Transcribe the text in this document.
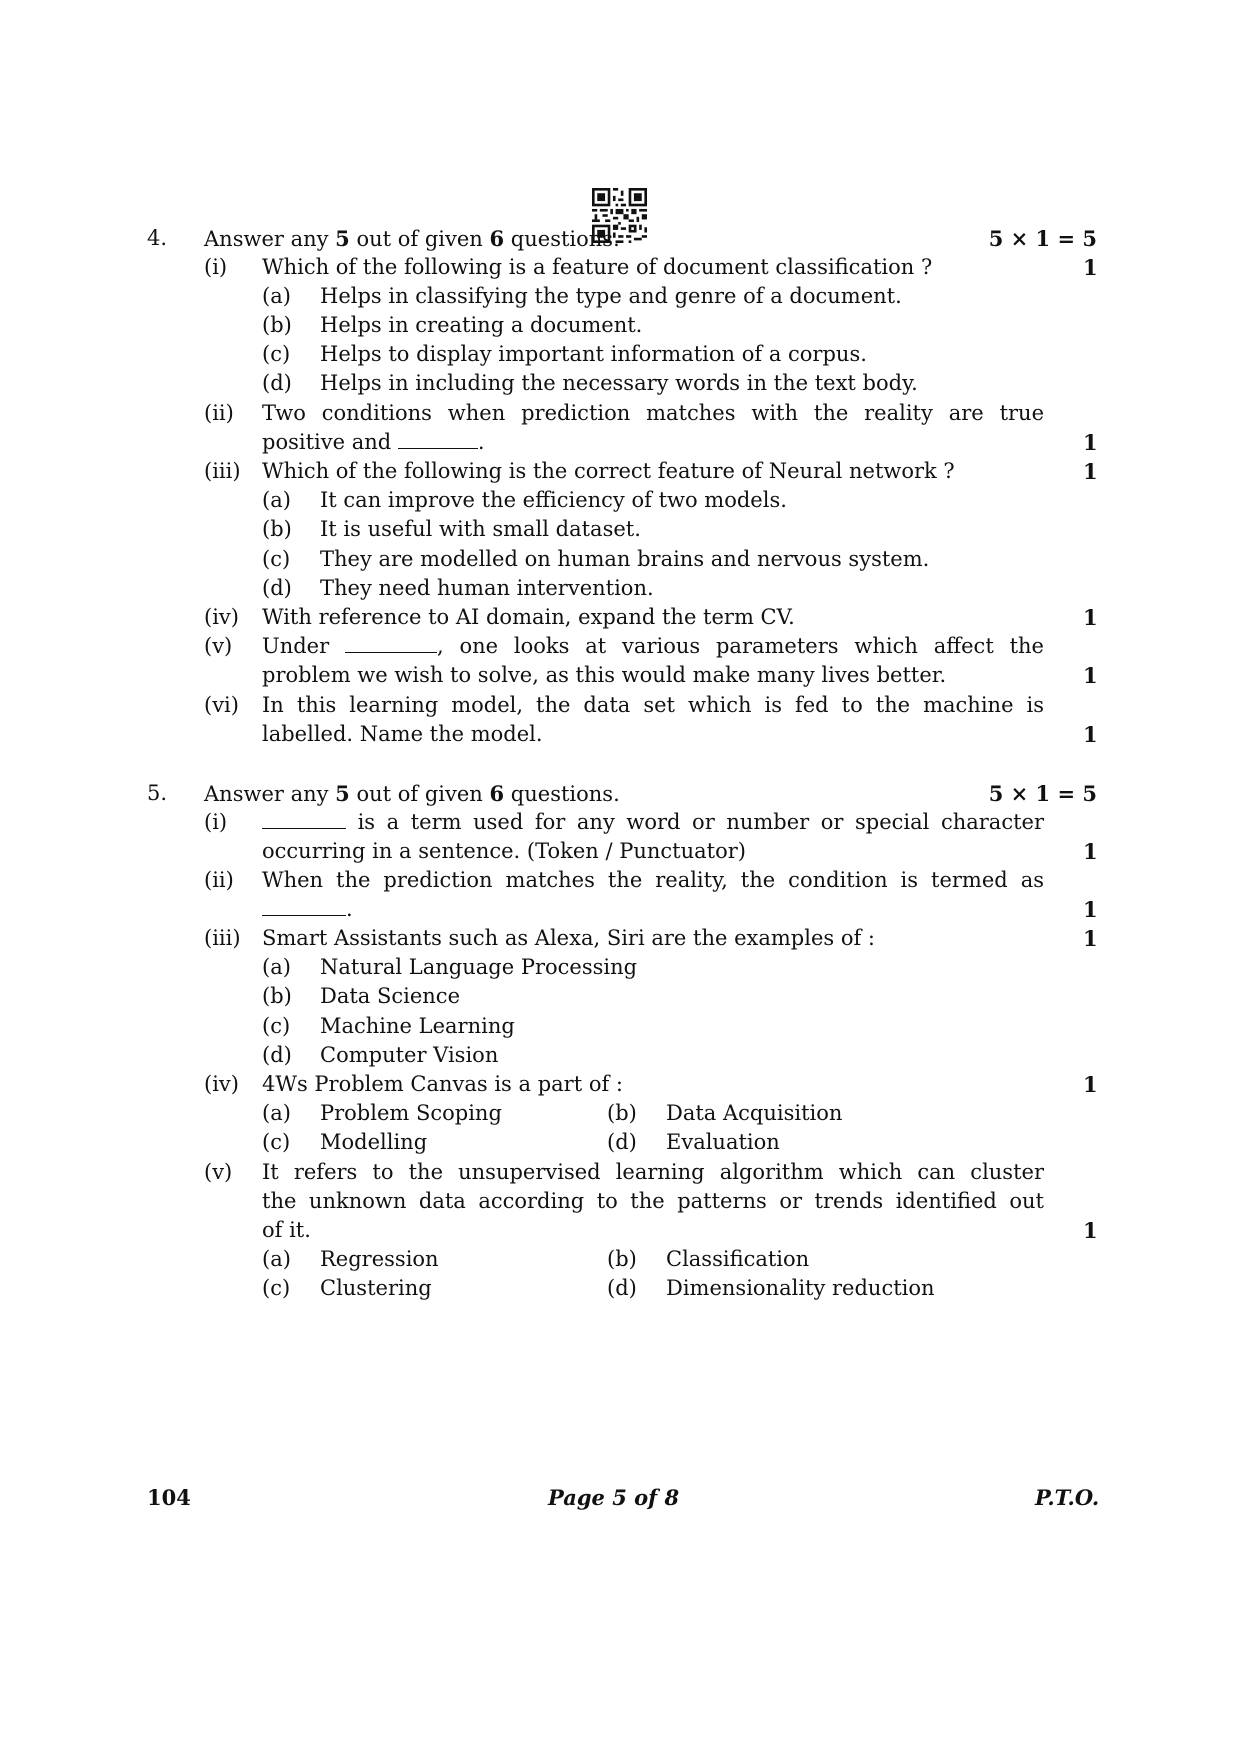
4. Answer any 5 out of given 6 questions.	5 × 1 = 5
(i) Which of the following is a feature of document classification ?	1
(a) Helps in classifying the type and genre of a document.
(b) Helps in creating a document.
(c) Helps to display important information of a corpus.
(d) Helps in including the necessary words in the text body.
(ii) Two conditions when prediction matches with the reality are true
positive and	.	1
(iii) Which of the following is the correct feature of Neural network ?	1
(a) It can improve the efficiency of two models.
(b) It is useful with small dataset.
(c) They are modelled on human brains and nervous system.
(d) They need human intervention.
(iv) With reference to AI domain, expand the term CV.	1
(v) Under	, one looks at various parameters which affect the
problem we wish to solve, as this would make many lives better.	1
(vi) In this learning model, the data set which is fed to the machine is
labelled. Name the model.	1
5. Answer any 5 out of given 6 questions.	5 × 1 = 5
(i)	is a term used for any word or number or special character
occurring in a sentence. (Token / Punctuator)	1
(ii) When the prediction matches the reality, the condition is termed as
.	1
(iii) Smart Assistants such as Alexa, Siri are the examples of :	1
(a) Natural Language Processing
(b) Data Science
(c) Machine Learning
(d) Computer Vision
(iv) 4Ws Problem Canvas is a part of :	1
(a) Problem Scoping	(b) Data Acquisition
(c) Modelling	(d) Evaluation
(v) It refers to the unsupervised learning algorithm which can cluster
the unknown data according to the patterns or trends identified out
of it.	1
(a) Regression	(b) Classification
(c) Clustering	(d) Dimensionality reduction
104	Page 5 of 8	P.T.O.
